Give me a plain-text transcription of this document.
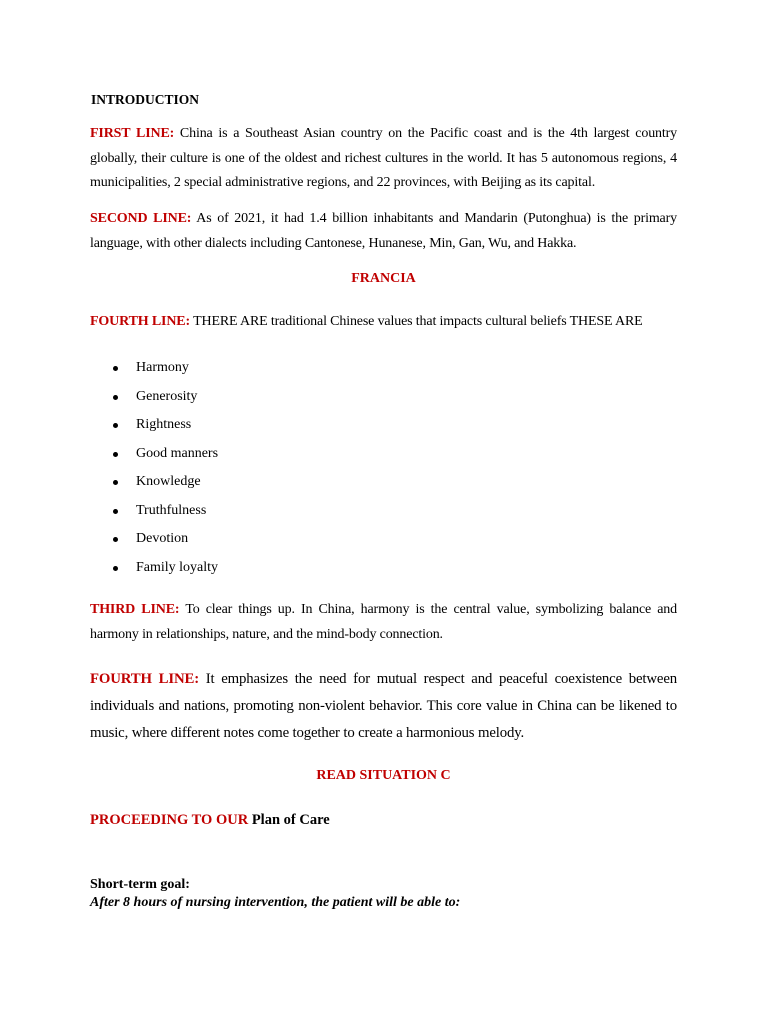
INTRODUCTION

FIRST LINE: China is a Southeast Asian country on the Pacific coast and is the 4th largest country globally, their culture is one of the oldest and richest cultures in the world. It has 5 autonomous regions, 4 municipalities, 2 special administrative regions, and 22 provinces, with Beijing as its capital.

SECOND LINE: As of 2021, it had 1.4 billion inhabitants and Mandarin (Putonghua) is the primary language, with other dialects including Cantonese, Hunanese, Min, Gan, Wu, and Hakka.

FRANCIA

FOURTH LINE: THERE ARE traditional Chinese values that impacts cultural beliefs THESE ARE

Harmony
Generosity
Rightness
Good manners
Knowledge
Truthfulness
Devotion
Family loyalty

THIRD LINE: To clear things up. In China, harmony is the central value, symbolizing balance and harmony in relationships, nature, and the mind-body connection.

FOURTH LINE: It emphasizes the need for mutual respect and peaceful coexistence between individuals and nations, promoting non-violent behavior. This core value in China can be likened to music, where different notes come together to create a harmonious melody.

READ SITUATION C
PROCEEDING TO OUR Plan of Care
Short-term goal:
After 8 hours of nursing intervention, the patient will be able to:
